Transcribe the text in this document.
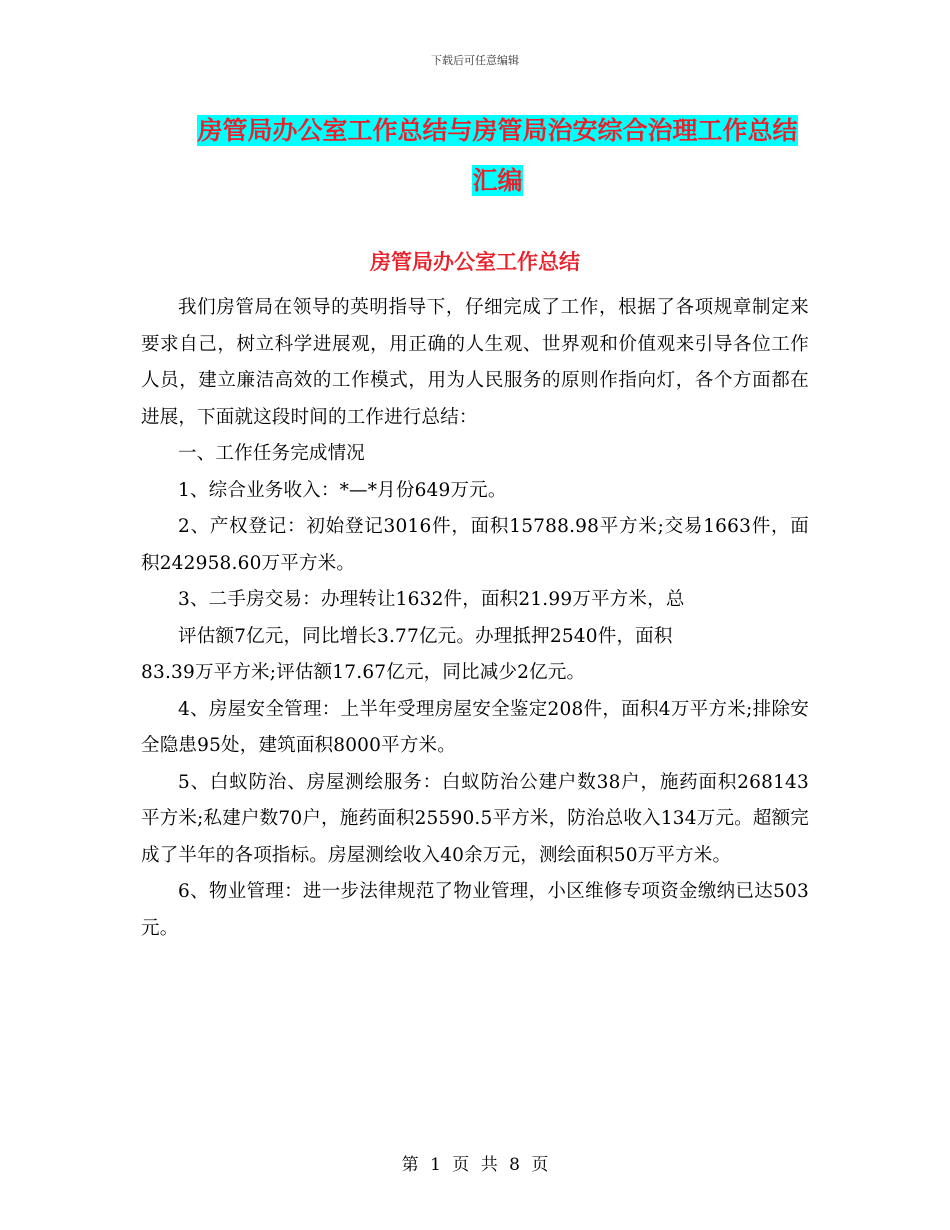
下载后可任意编辑
房管局办公室工作总结与房管局治安综合治理工作总结汇编
房管局办公室工作总结

我们房管局在领导的英明指导下，仔细完成了工作，根据了各项规章制定来要求自己，树立科学进展观，用正确的人生观、世界观和价值观来引导各位工作人员，建立廉洁高效的工作模式，用为人民服务的原则作指向灯，各个方面都在进展，下面就这段时间的工作进行总结：

一、工作任务完成情况

1、综合业务收入：*—*月份649万元。

2、产权登记：初始登记3016件，面积15788.98平方米;交易1663件，面积242958.60万平方米。

3、二手房交易：办理转让1632件，面积21.99万平方米，总

评估额7亿元，同比增长3.77亿元。办理抵押2540件，面积

83.39万平方米;评估额17.67亿元，同比减少2亿元。

4、房屋安全管理：上半年受理房屋安全鉴定208件，面积4万平方米;排除安全隐患95处，建筑面积8000平方米。

5、白蚁防治、房屋测绘服务：白蚁防治公建户数38户，施药面积268143平方米;私建户数70户，施药面积25590.5平方米，防治总收入134万元。超额完成了半年的各项指标。房屋测绘收入40余万元，测绘面积50万平方米。

6、物业管理：进一步法律规范了物业管理，小区维修专项资金缴纳已达503元。

第 1 页 共 8 页
